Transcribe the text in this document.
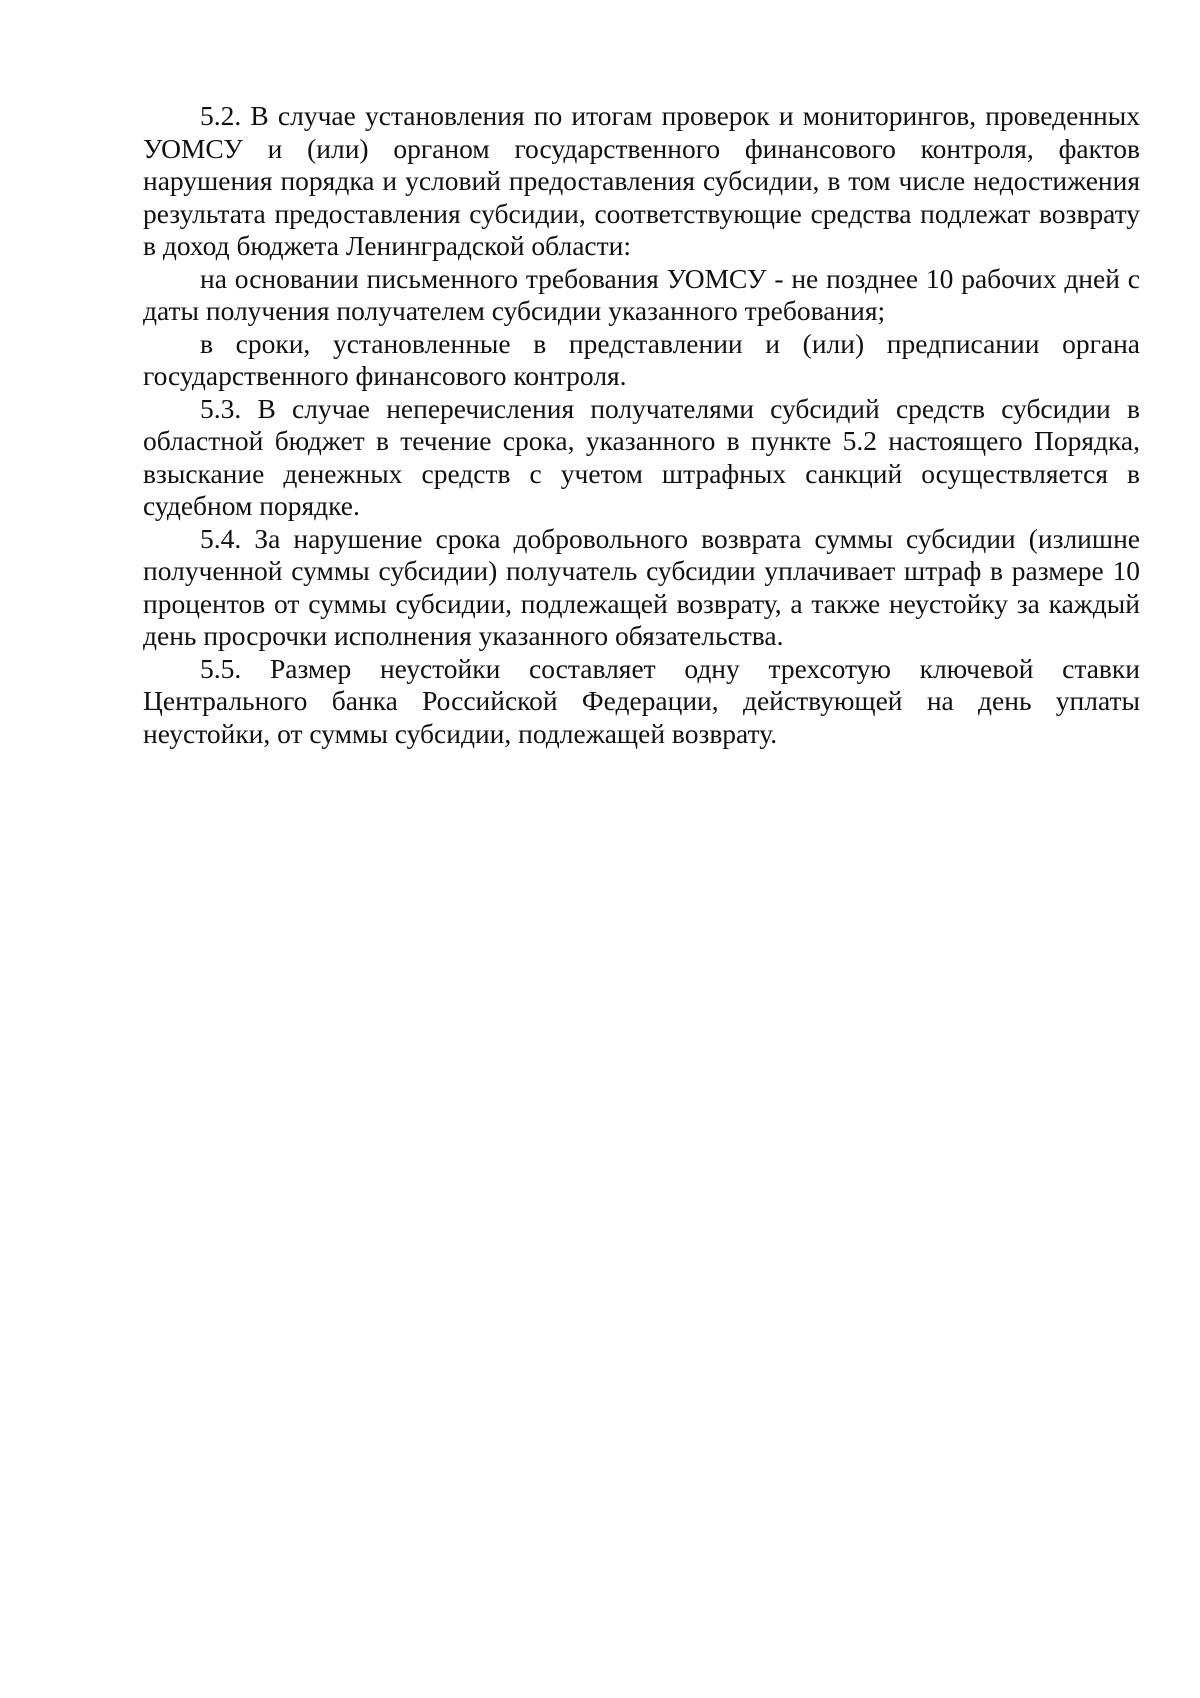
5.2. В случае установления по итогам проверок и мониторингов, проведенных УОМСУ и (или) органом государственного финансового контроля, фактов нарушения порядка и условий предоставления субсидии, в том числе недостижения результата предоставления субсидии, соответствующие средства подлежат возврату в доход бюджета Ленинградской области:

на основании письменного требования УОМСУ - не позднее 10 рабочих дней с даты получения получателем субсидии указанного требования;

в сроки, установленные в представлении и (или) предписании органа государственного финансового контроля.

5.3. В случае неперечисления получателями субсидий средств субсидии в областной бюджет в течение срока, указанного в пункте 5.2 настоящего Порядка, взыскание денежных средств с учетом штрафных санкций осуществляется в судебном порядке.

5.4. За нарушение срока добровольного возврата суммы субсидии (излишне полученной суммы субсидии) получатель субсидии уплачивает штраф в размере 10 процентов от суммы субсидии, подлежащей возврату, а также неустойку за каждый день просрочки исполнения указанного обязательства.

5.5. Размер неустойки составляет одну трехсотую ключевой ставки Центрального банка Российской Федерации, действующей на день уплаты неустойки, от суммы субсидии, подлежащей возврату.
